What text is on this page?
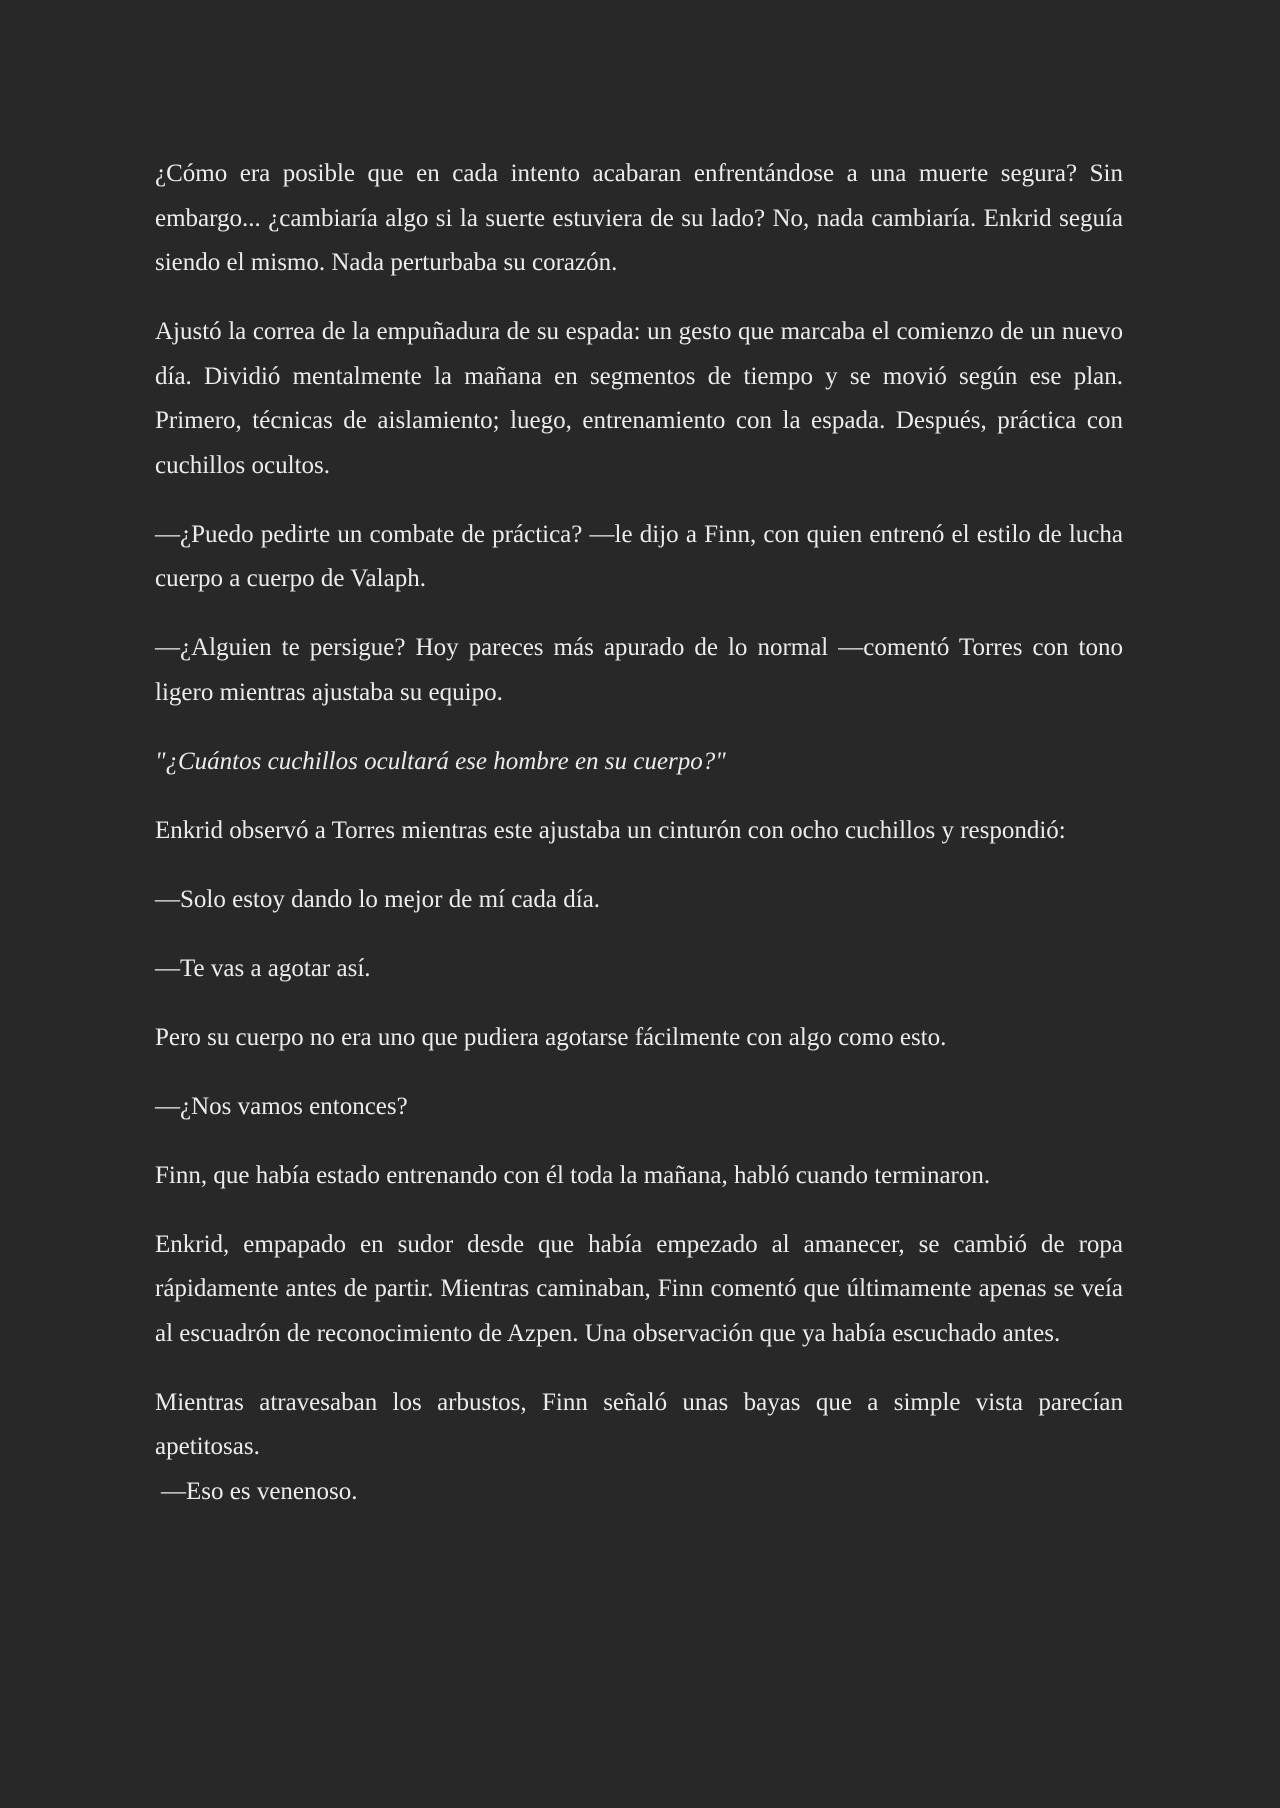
¿Cómo era posible que en cada intento acabaran enfrentándose a una muerte segura? Sin embargo... ¿cambiaría algo si la suerte estuviera de su lado? No, nada cambiaría. Enkrid seguía siendo el mismo. Nada perturbaba su corazón.

Ajustó la correa de la empuñadura de su espada: un gesto que marcaba el comienzo de un nuevo día. Dividió mentalmente la mañana en segmentos de tiempo y se movió según ese plan. Primero, técnicas de aislamiento; luego, entrenamiento con la espada. Después, práctica con cuchillos ocultos.

—¿Puedo pedirte un combate de práctica? —le dijo a Finn, con quien entrenó el estilo de lucha cuerpo a cuerpo de Valaph.

—¿Alguien te persigue? Hoy pareces más apurado de lo normal —comentó Torres con tono ligero mientras ajustaba su equipo.

"¿Cuántos cuchillos ocultará ese hombre en su cuerpo?"

Enkrid observó a Torres mientras este ajustaba un cinturón con ocho cuchillos y respondió:

—Solo estoy dando lo mejor de mí cada día.

—Te vas a agotar así.

Pero su cuerpo no era uno que pudiera agotarse fácilmente con algo como esto.

—¿Nos vamos entonces?

Finn, que había estado entrenando con él toda la mañana, habló cuando terminaron.

Enkrid, empapado en sudor desde que había empezado al amanecer, se cambió de ropa rápidamente antes de partir. Mientras caminaban, Finn comentó que últimamente apenas se veía al escuadrón de reconocimiento de Azpen. Una observación que ya había escuchado antes.

Mientras atravesaban los arbustos, Finn señaló unas bayas que a simple vista parecían apetitosas.
—Eso es venenoso.
